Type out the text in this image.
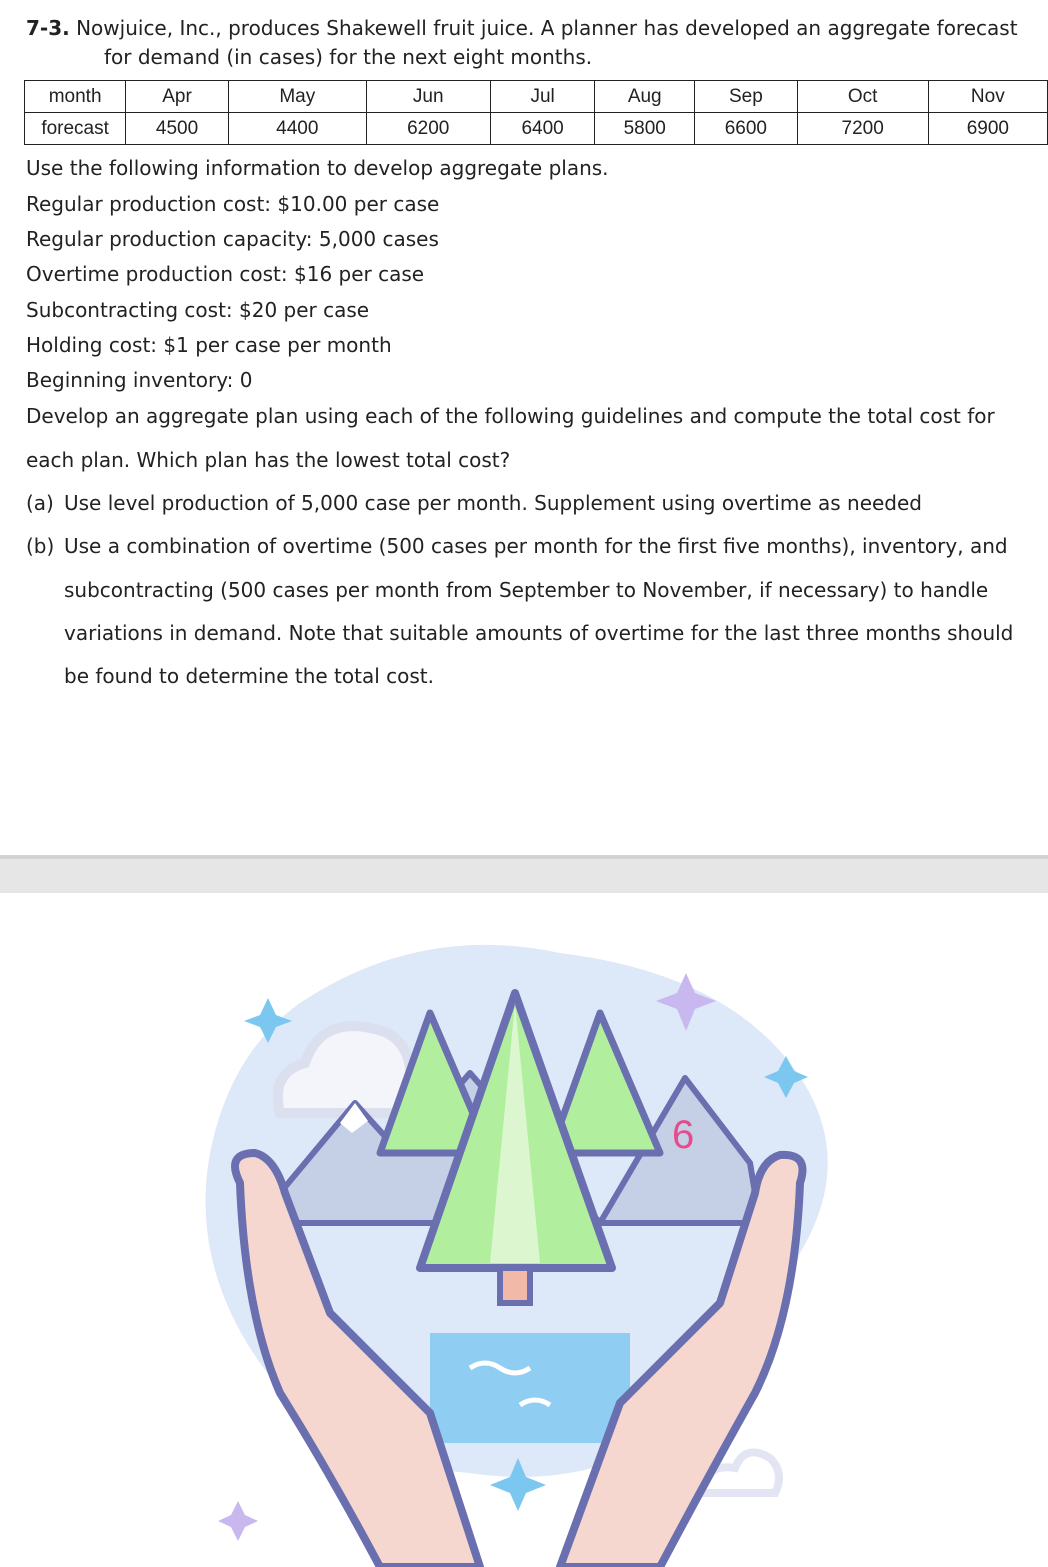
7-3. Nowjuice, Inc., produces Shakewell fruit juice. A planner has developed an aggregate forecast
for demand (in cases) for the next eight months.
month	Apr	May	Jun	Jul	Aug	Sep	Oct	Nov
forecast	4500	4400	6200	6400	5800	6600	7200	6900
Use the following information to develop aggregate plans.
Regular production cost: $10.00 per case
Regular production capacity: 5,000 cases
Overtime production cost: $16 per case
Subcontracting cost: $20 per case
Holding cost: $1 per case per month
Beginning inventory: 0
Develop an aggregate plan using each of the following guidelines and compute the total cost for
each plan. Which plan has the lowest total cost?
(a) Use level production of 5,000 case per month. Supplement using overtime as needed
(b) Use a combination of overtime (500 cases per month for the first five months), inventory, and
subcontracting (500 cases per month from September to November, if necessary) to handle
variations in demand. Note that suitable amounts of overtime for the last three months should
be found to determine the total cost.
6
